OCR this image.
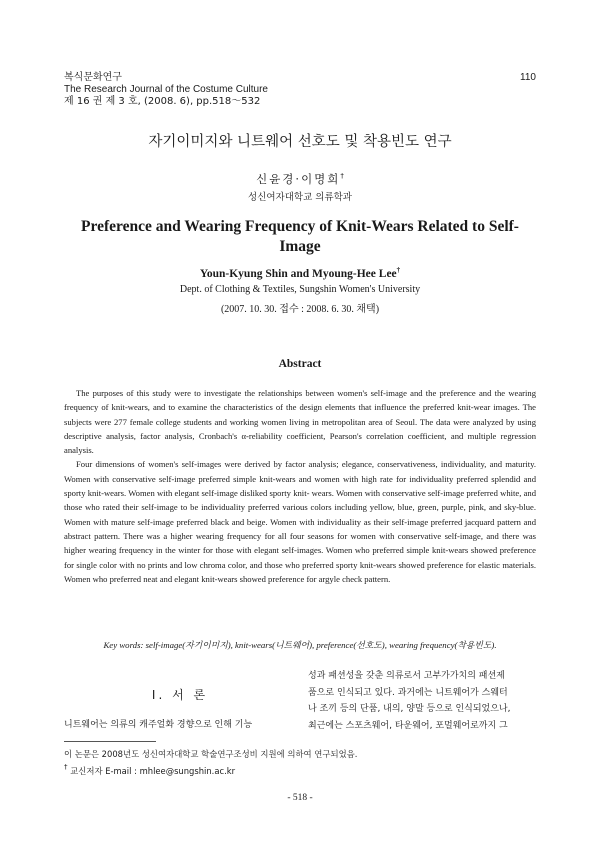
복식문화연구
The Research Journal of the Costume Culture
제 16 권 제 3 호, (2008. 6), pp.518～532
110
자기이미지와 니트웨어 선호도 및 착용빈도 연구
신윤경·이명희†
성신여자대학교 의류학과
Preference and Wearing Frequency of Knit-Wears Related to Self-Image
Youn-Kyung Shin and Myoung-Hee Lee†
Dept. of Clothing & Textiles, Sungshin Women's University
(2007. 10. 30. 접수 : 2008. 6. 30. 채택)
Abstract

The purposes of this study were to investigate the relationships between women's self-image and the preference and the wearing frequency of knit-wears, and to examine the characteristics of the design elements that influence the preferred knit-wear images. The subjects were 277 female college students and working women living in metropolitan area of Seoul. The data were analyzed by using descriptive analysis, factor analysis, Cronbach's α-reliability coefficient, Pearson's correlation coefficient, and multiple regression analysis.

Four dimensions of women's self-images were derived by factor analysis; elegance, conservativeness, individuality, and maturity. Women with conservative self-image preferred simple knit-wears and women with high rate for individuality preferred splendid and sporty knit-wears. Women with elegant self-image disliked sporty knit- wears. Women with conservative self-image preferred white, and those who rated their self-image to be individuality preferred various colors including yellow, blue, green, purple, pink, and sky-blue. Women with mature self-image preferred black and beige. Women with individuality as their self-image preferred jacquard pattern and abstract pattern. There was a higher wearing frequency for all four seasons for women with conservative self-image, and there was higher wearing frequency in the winter for those with elegant self-images. Women who preferred simple knit-wears showed preference for single color with no prints and low chroma color, and those who preferred sporty knit-wears showed preference for elastic materials. Women who preferred neat and elegant knit-wears showed preference for argyle check pattern.

Key words: self-image(자기이미지), knit-wears(니트웨어), preference(선호도), wearing frequency(착용빈도).
Ⅰ. 서 론
니트웨어는 의류의 캐주얼화 경향으로 인해 기능
성과 패션성을 갖춘 의류로서 고부가가치의 패션제
품으로 인식되고 있다. 과거에는 니트웨어가 스웨터
나 조끼 등의 단품, 내의, 양말 등으로 인식되었으나,
최근에는 스포츠웨어, 타운웨어, 포멀웨어로까지 그
이 논문은 2008년도 성신여자대학교 학술연구조성비 지원에 의하여 연구되었음.
† 교신저자 E-mail : mhlee@sungshin.ac.kr
- 518 -
